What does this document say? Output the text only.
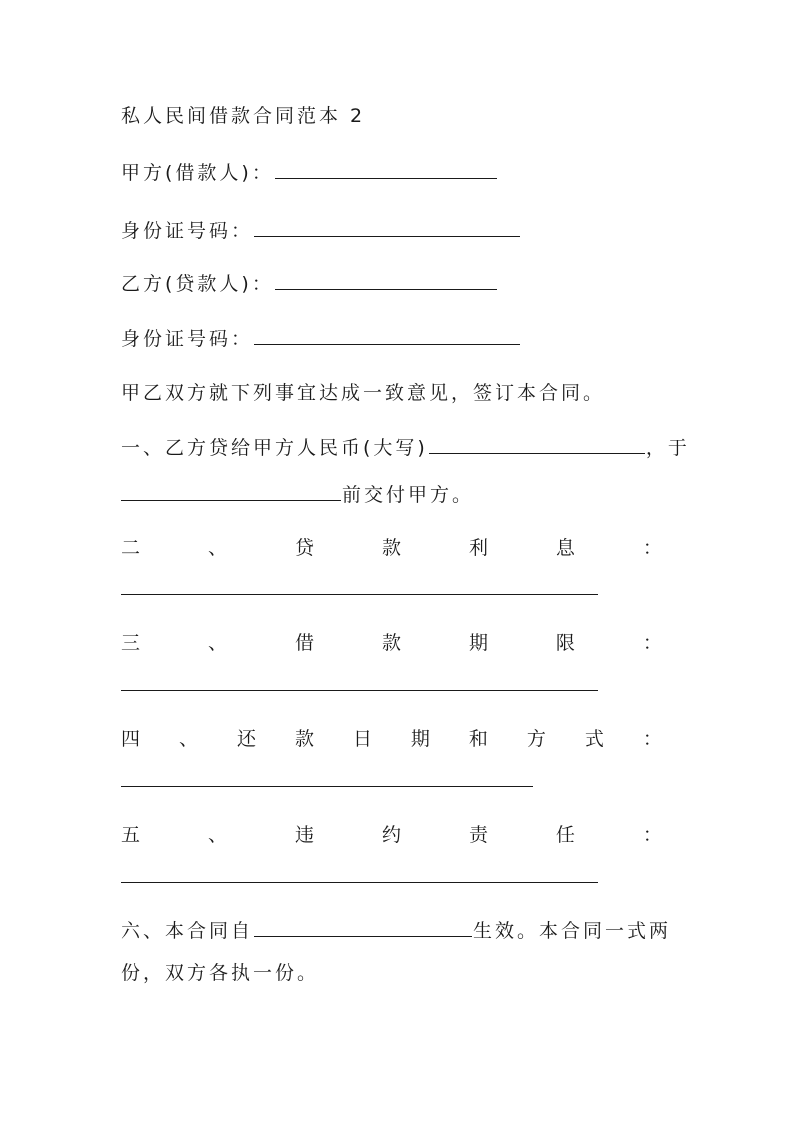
私人民间借款合同范本 2
甲方(借款人)：
身份证号码：
乙方(贷款人)：
身份证号码：
甲乙双方就下列事宜达成一致意见，签订本合同。
一、乙方贷给甲方人民币(大写)	，于
前交付甲方。
二	、	贷	款	利	息	：
三	、	借	款	期	限	：
四 、 还 款 日 期 和 方 式 ：
五	、	违	约	责	任	：
六、本合同自	生效。本合同一式两
份，双方各执一份。
